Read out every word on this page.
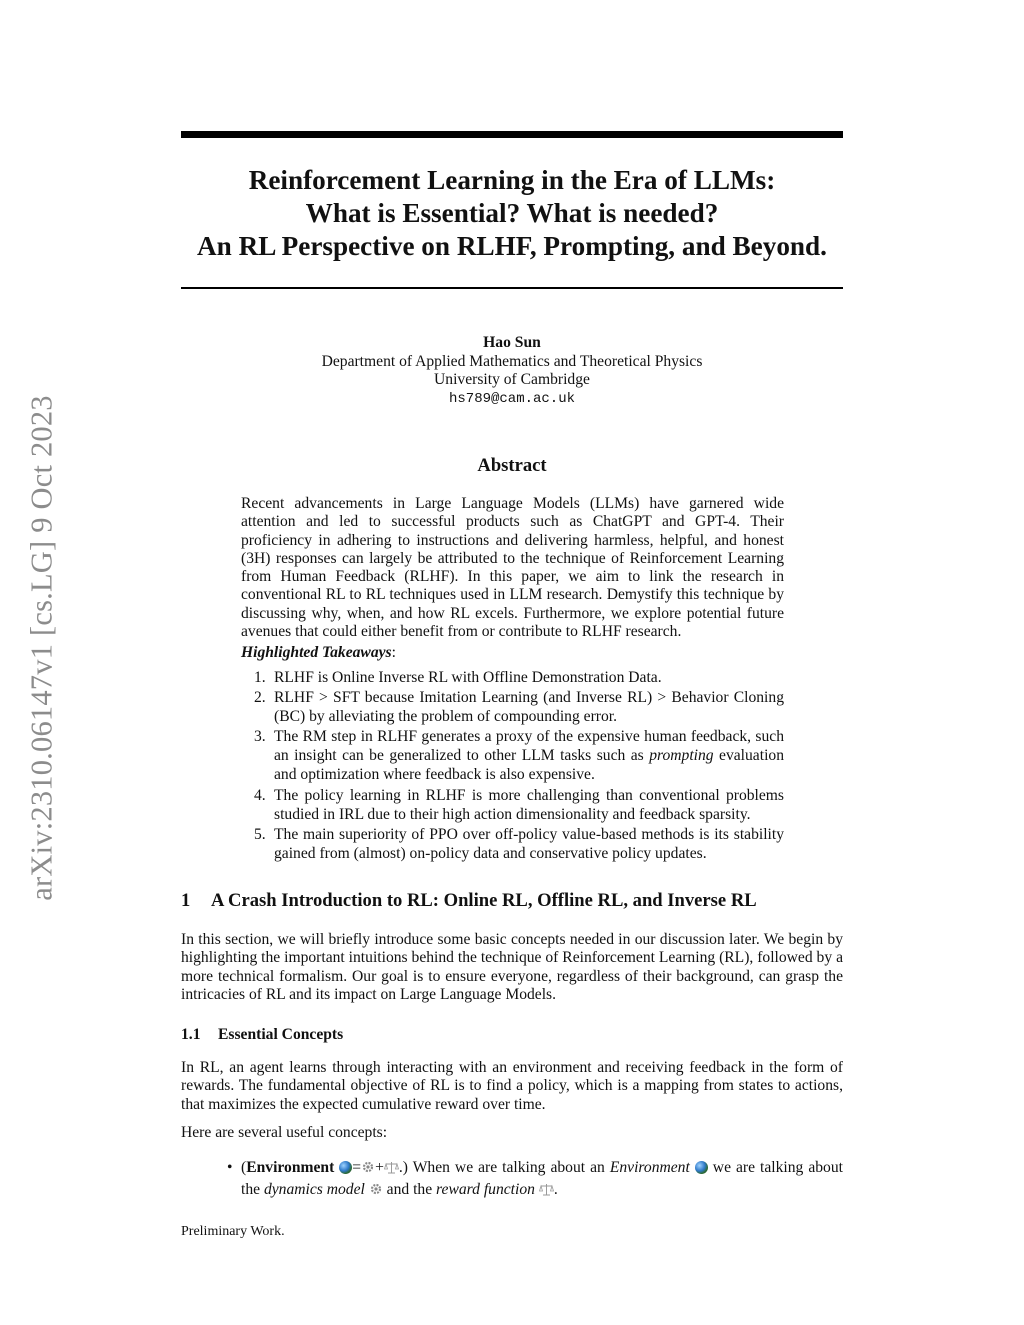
arXiv:2310.06147v1 [cs.LG] 9 Oct 2023
Reinforcement Learning in the Era of LLMs:
What is Essential? What is needed?
An RL Perspective on RLHF, Prompting, and Beyond.
Hao Sun
Department of Applied Mathematics and Theoretical Physics
University of Cambridge
hs789@cam.ac.uk
Abstract
Recent advancements in Large Language Models (LLMs) have garnered wide attention and led to successful products such as ChatGPT and GPT-4. Their proficiency in adhering to instructions and delivering harmless, helpful, and honest (3H) responses can largely be attributed to the technique of Reinforcement Learning from Human Feedback (RLHF). In this paper, we aim to link the research in conventional RL to RL techniques used in LLM research. Demystify this technique by discussing why, when, and how RL excels. Furthermore, we explore potential future avenues that could either benefit from or contribute to RLHF research.
Highlighted Takeaways:
1. RLHF is Online Inverse RL with Offline Demonstration Data.
2. RLHF > SFT because Imitation Learning (and Inverse RL) > Behavior Cloning (BC) by alleviating the problem of compounding error.
3. The RM step in RLHF generates a proxy of the expensive human feedback, such an insight can be generalized to other LLM tasks such as prompting evaluation and optimization where feedback is also expensive.
4. The policy learning in RLHF is more challenging than conventional problems studied in IRL due to their high action dimensionality and feedback sparsity.
5. The main superiority of PPO over off-policy value-based methods is its stability gained from (almost) on-policy data and conservative policy updates.
1 A Crash Introduction to RL: Online RL, Offline RL, and Inverse RL
In this section, we will briefly introduce some basic concepts needed in our discussion later. We begin by highlighting the important intuitions behind the technique of Reinforcement Learning (RL), followed by a more technical formalism. Our goal is to ensure everyone, regardless of their background, can grasp the intricacies of RL and its impact on Large Language Models.
1.1 Essential Concepts
In RL, an agent learns through interacting with an environment and receiving feedback in the form of rewards. The fundamental objective of RL is to find a policy, which is a mapping from states to actions, that maximizes the expected cumulative reward over time.
Here are several useful concepts:
• (Environment = + .) When we are talking about an Environment  we are talking about the dynamics model  and the reward function .
Preliminary Work.
